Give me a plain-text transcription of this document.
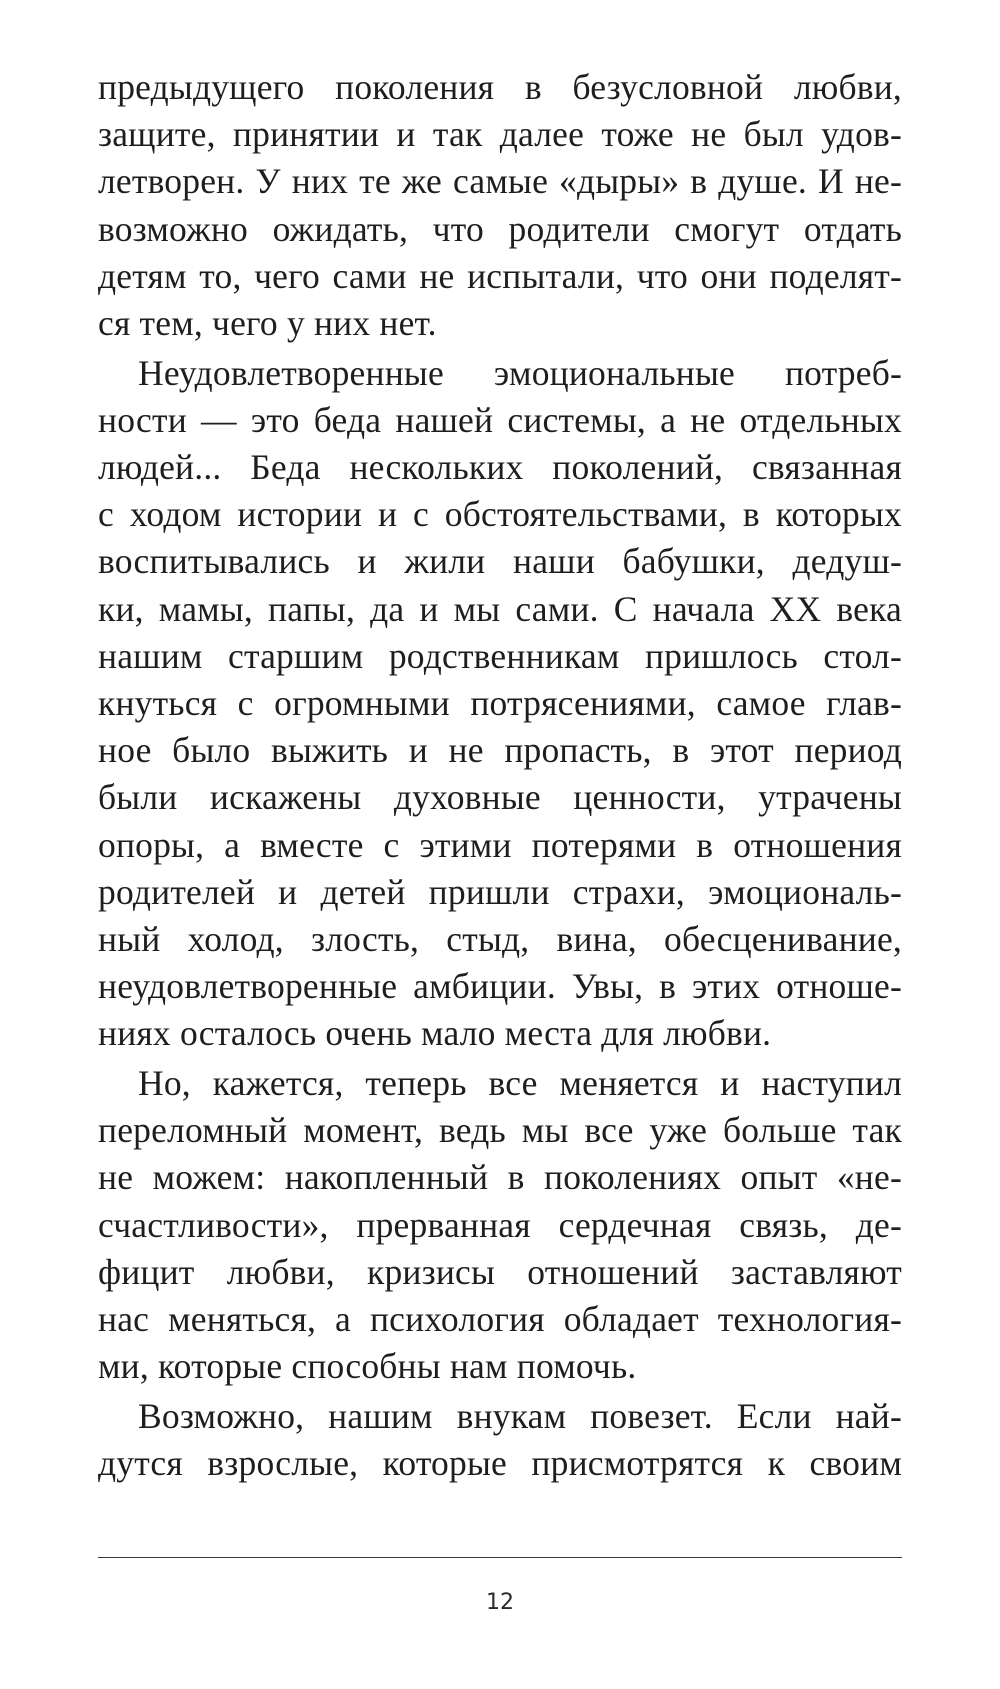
предыдущего поколения в безусловной любви,
защите, принятии и так далее тоже не был удов-
летворен. У них те же самые «дыры» в душе. И не-
возможно ожидать, что родители смогут отдать
детям то, чего сами не испытали, что они поделят-
ся тем, чего у них нет.
Неудовлетворенные эмоциональные потреб-
ности — это беда нашей системы, а не отдельных
людей... Беда нескольких поколений, связанная
с ходом истории и с обстоятельствами, в которых
воспитывались и жили наши бабушки, дедуш-
ки, мамы, папы, да и мы сами. С начала XX века
нашим старшим родственникам пришлось стол-
кнуться с огромными потрясениями, самое глав-
ное было выжить и не пропасть, в этот период
были искажены духовные ценности, утрачены
опоры, а вместе с этими потерями в отношения
родителей и детей пришли страхи, эмоциональ-
ный холод, злость, стыд, вина, обесценивание,
неудовлетворенные амбиции. Увы, в этих отноше-
ниях осталось очень мало места для любви.
Но, кажется, теперь все меняется и наступил
переломный момент, ведь мы все уже больше так
не можем: накопленный в поколениях опыт «не-
счастливости», прерванная сердечная связь, де-
фицит любви, кризисы отношений заставляют
нас меняться, а психология обладает технология-
ми, которые способны нам помочь.
Возможно, нашим внукам повезет. Если най-
дутся взрослые, которые присмотрятся к своим
12
